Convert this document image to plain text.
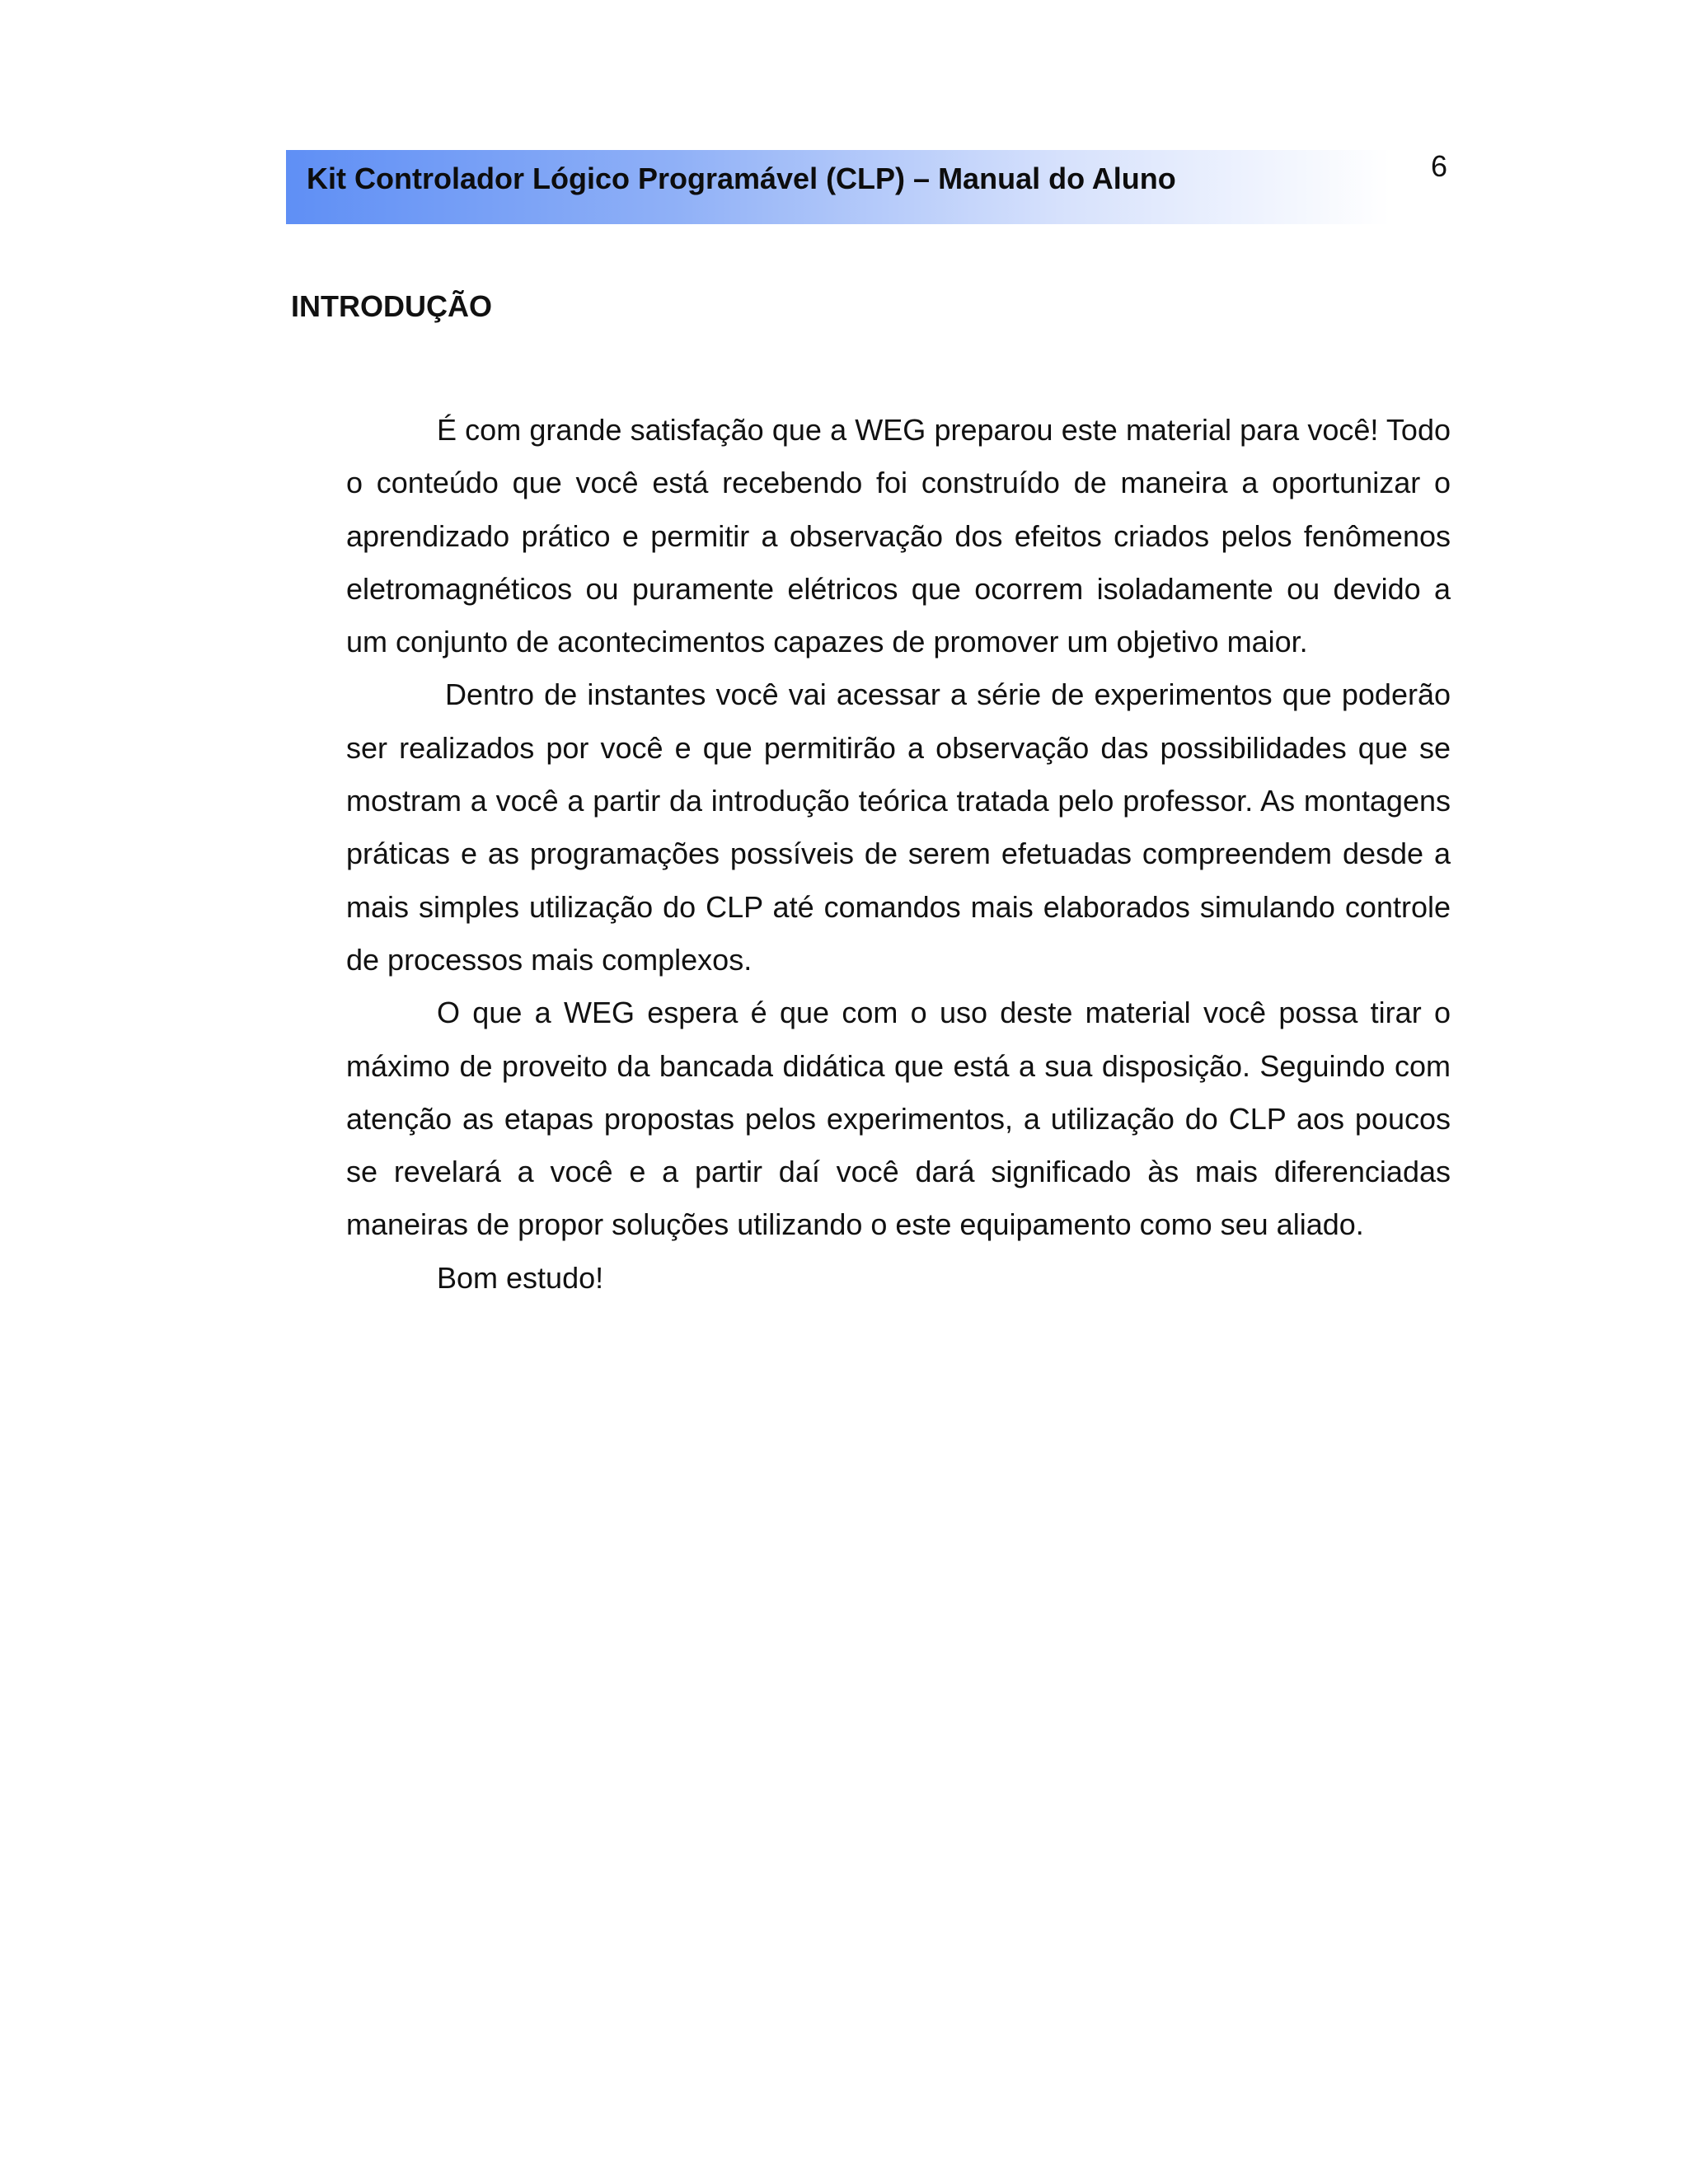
Kit Controlador Lógico Programável (CLP) – Manual do Aluno	6
INTRODUÇÃO

É com grande satisfação que a WEG preparou este material para você! Todo o conteúdo que você está recebendo foi construído de maneira a oportunizar o aprendizado prático e permitir a observação dos efeitos criados pelos fenômenos eletromagnéticos ou puramente elétricos que ocorrem isoladamente ou devido a um conjunto de acontecimentos capazes de promover um objetivo maior.

Dentro de instantes você vai acessar a série de experimentos que poderão ser realizados por você e que permitirão a observação das possibilidades que se mostram a você a partir da introdução teórica tratada pelo professor. As montagens práticas e as programações possíveis de serem efetuadas compreendem desde a mais simples utilização do CLP até comandos mais elaborados simulando controle de processos mais complexos.

O que a WEG espera é que com o uso deste material você possa tirar o máximo de proveito da bancada didática que está a sua disposição. Seguindo com atenção as etapas propostas pelos experimentos, a utilização do CLP aos poucos se revelará a você e a partir daí você dará significado às mais diferenciadas maneiras de propor soluções utilizando o este equipamento como seu aliado.

Bom estudo!
